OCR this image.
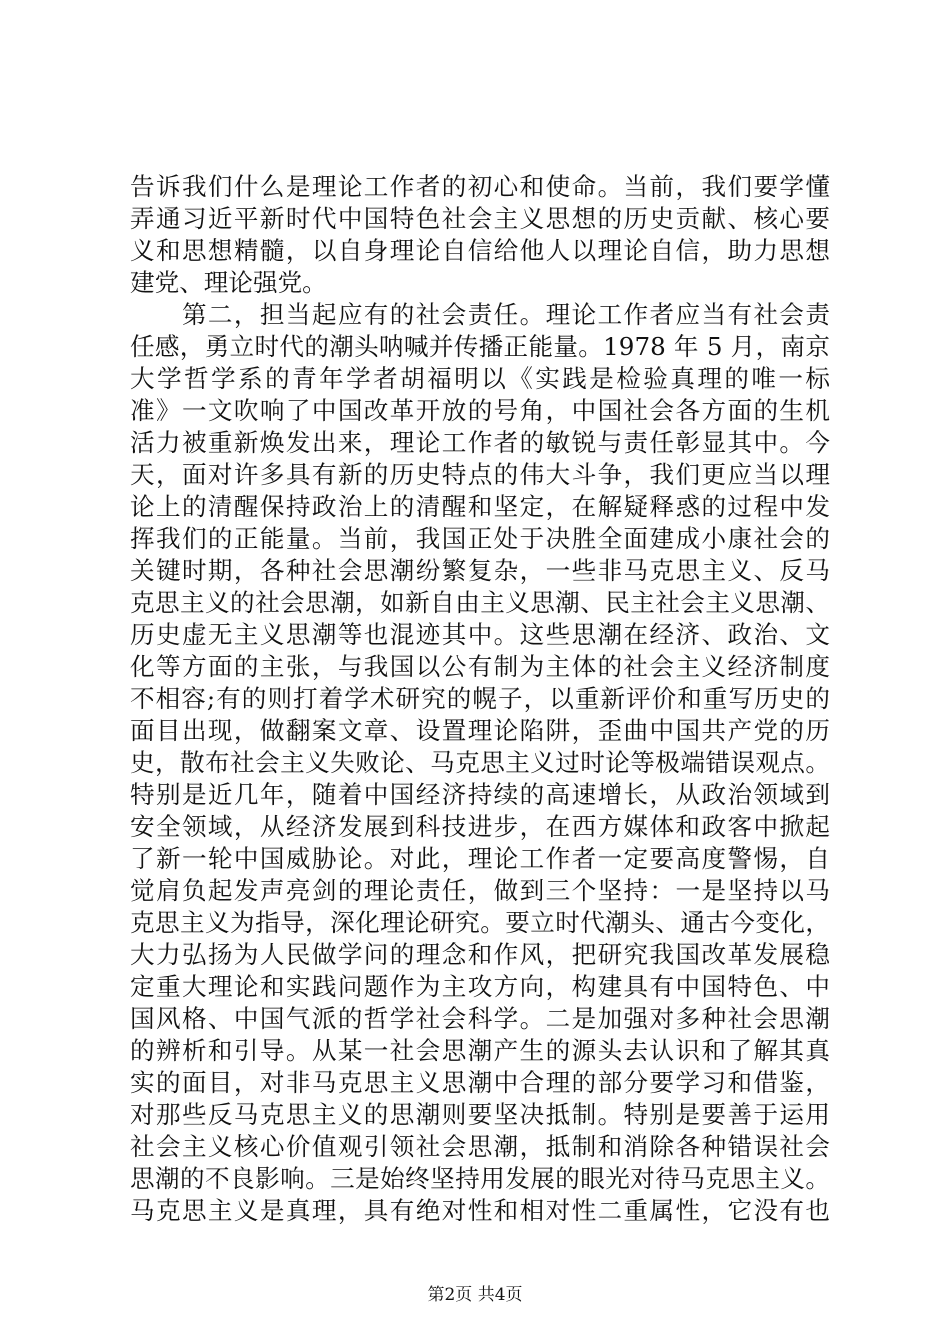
告诉我们什么是理论工作者的初心和使命。当前，我们要学懂
弄通习近平新时代中国特色社会主义思想的历史贡献、核心要
义和思想精髓，以自身理论自信给他人以理论自信，助力思想
建党、理论强党。
　　第二，担当起应有的社会责任。理论工作者应当有社会责
任感，勇立时代的潮头呐喊并传播正能量。1978 年 5 月，南京
大学哲学系的青年学者胡福明以《实践是检验真理的唯一标
准》一文吹响了中国改革开放的号角，中国社会各方面的生机
活力被重新焕发出来，理论工作者的敏锐与责任彰显其中。今
天，面对许多具有新的历史特点的伟大斗争，我们更应当以理
论上的清醒保持政治上的清醒和坚定，在解疑释惑的过程中发
挥我们的正能量。当前，我国正处于决胜全面建成小康社会的
关键时期，各种社会思潮纷繁复杂，一些非马克思主义、反马
克思主义的社会思潮，如新自由主义思潮、民主社会主义思潮、
历史虚无主义思潮等也混迹其中。这些思潮在经济、政治、文
化等方面的主张，与我国以公有制为主体的社会主义经济制度
不相容;有的则打着学术研究的幌子，以重新评价和重写历史的
面目出现，做翻案文章、设置理论陷阱，歪曲中国共产党的历
史，散布社会主义失败论、马克思主义过时论等极端错误观点。
特别是近几年，随着中国经济持续的高速增长，从政治领域到
安全领域，从经济发展到科技进步，在西方媒体和政客中掀起
了新一轮中国威胁论。对此，理论工作者一定要高度警惕，自
觉肩负起发声亮剑的理论责任，做到三个坚持：一是坚持以马
克思主义为指导，深化理论研究。要立时代潮头、通古今变化，
大力弘扬为人民做学问的理念和作风，把研究我国改革发展稳
定重大理论和实践问题作为主攻方向，构建具有中国特色、中
国风格、中国气派的哲学社会科学。二是加强对多种社会思潮
的辨析和引导。从某一社会思潮产生的源头去认识和了解其真
实的面目，对非马克思主义思潮中合理的部分要学习和借鉴，
对那些反马克思主义的思潮则要坚决抵制。特别是要善于运用
社会主义核心价值观引领社会思潮，抵制和消除各种错误社会
思潮的不良影响。三是始终坚持用发展的眼光对待马克思主义。
马克思主义是真理，具有绝对性和相对性二重属性，它没有也
第2页 共4页
